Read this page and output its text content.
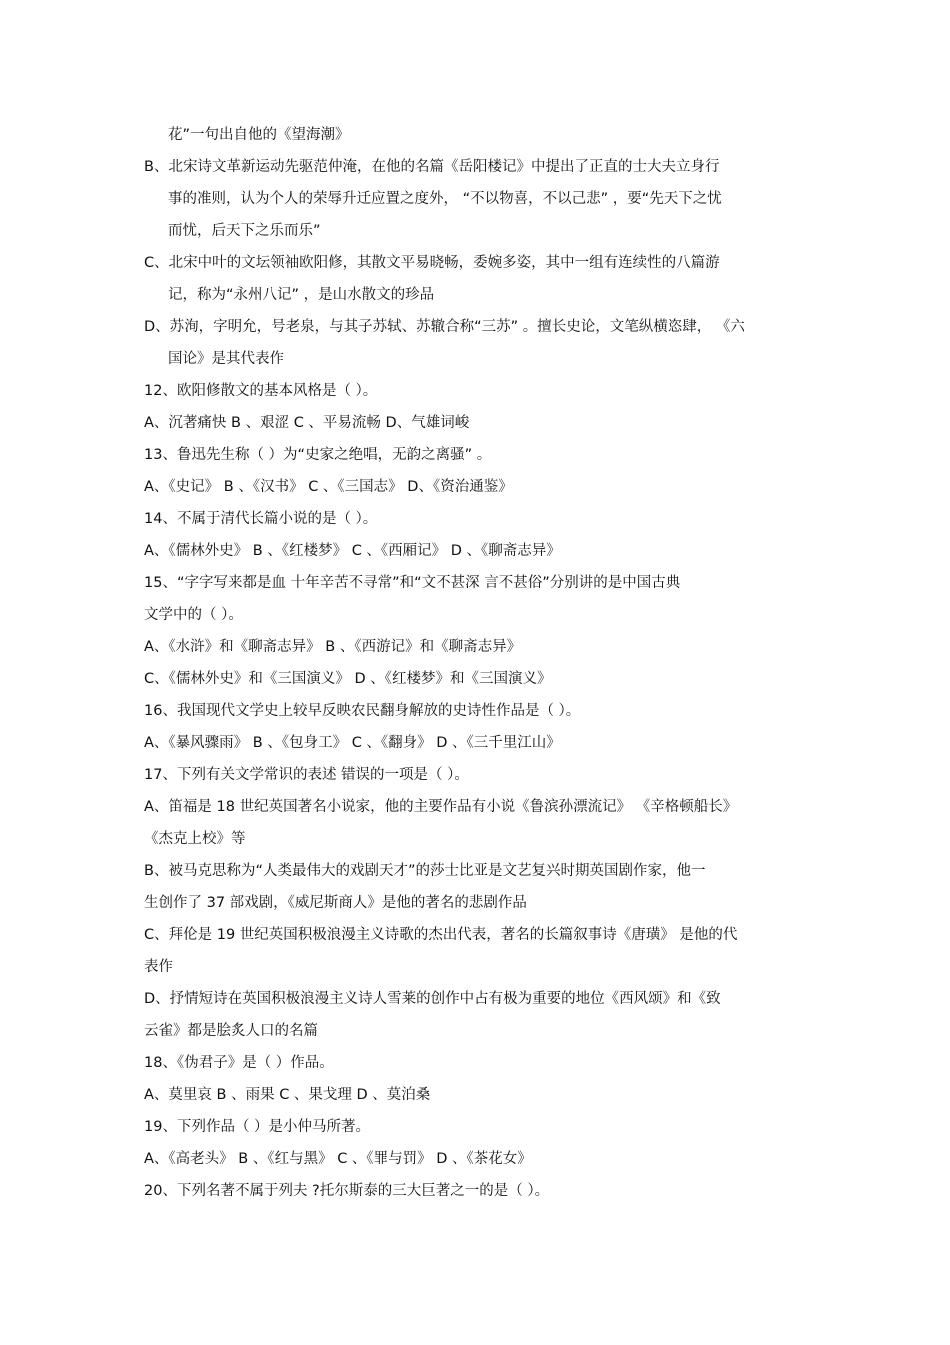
花”一句出自他的《望海潮》
B、北宋诗文革新运动先驱范仲淹，在他的名篇《岳阳楼记》中提出了正直的士大夫立身行
事的准则，认为个人的荣辱升迁应置之度外， “不以物喜，不以己悲” ，要“先天下之忧
而忧，后天下之乐而乐”
C、北宋中叶的文坛领袖欧阳修，其散文平易晓畅，委婉多姿，其中一组有连续性的八篇游
记，称为“永州八记” ，是山水散文的珍品
D、苏洵，字明允，号老泉，与其子苏轼、苏辙合称“三苏” 。擅长史论，文笔纵横恣肆， 《六
国论》是其代表作
12、欧阳修散文的基本风格是（ ）。
A、沉著痛快 B 、艰涩 C 、平易流畅 D、气雄词峻
13、鲁迅先生称（ ）为“史家之绝唱，无韵之离骚” 。
A、《史记》 B 、《汉书》 C 、《三国志》 D、《资治通鉴》
14、不属于清代长篇小说的是（ ）。
A、《儒林外史》 B 、《红楼梦》 C 、《西厢记》 D 、《聊斋志异》
15、“字字写来都是血 十年辛苦不寻常”和“文不甚深 言不甚俗”分别讲的是中国古典
文学中的（ ）。
A、《水浒》和《聊斋志异》 B 、《西游记》和《聊斋志异》
C、《儒林外史》和《三国演义》 D 、《红楼梦》和《三国演义》
16、我国现代文学史上较早反映农民翻身解放的史诗性作品是（ ）。
A、《暴风骤雨》 B 、《包身工》 C 、《翻身》 D 、《三千里江山》
17、下列有关文学常识的表述 错误的一项是（ ）。
A、笛福是 18 世纪英国著名小说家，他的主要作品有小说《鲁滨孙漂流记》 《辛格顿船长》
《杰克上校》等
B、被马克思称为“人类最伟大的戏剧天才”的莎士比亚是文艺复兴时期英国剧作家，他一
生创作了 37 部戏剧，《威尼斯商人》是他的著名的悲剧作品
C、拜伦是 19 世纪英国积极浪漫主义诗歌的杰出代表，著名的长篇叙事诗《唐璜》 是他的代
表作
D、抒情短诗在英国积极浪漫主义诗人雪莱的创作中占有极为重要的地位《西风颂》和《致
云雀》都是脍炙人口的名篇
18、《伪君子》是（ ）作品。
A、莫里哀 B 、雨果 C 、果戈理 D 、莫泊桑
19、下列作品（ ）是小仲马所著。
A、《高老头》 B 、《红与黑》 C 、《罪与罚》 D 、《茶花女》
20、下列名著不属于列夫 ?托尔斯泰的三大巨著之一的是（ ）。
